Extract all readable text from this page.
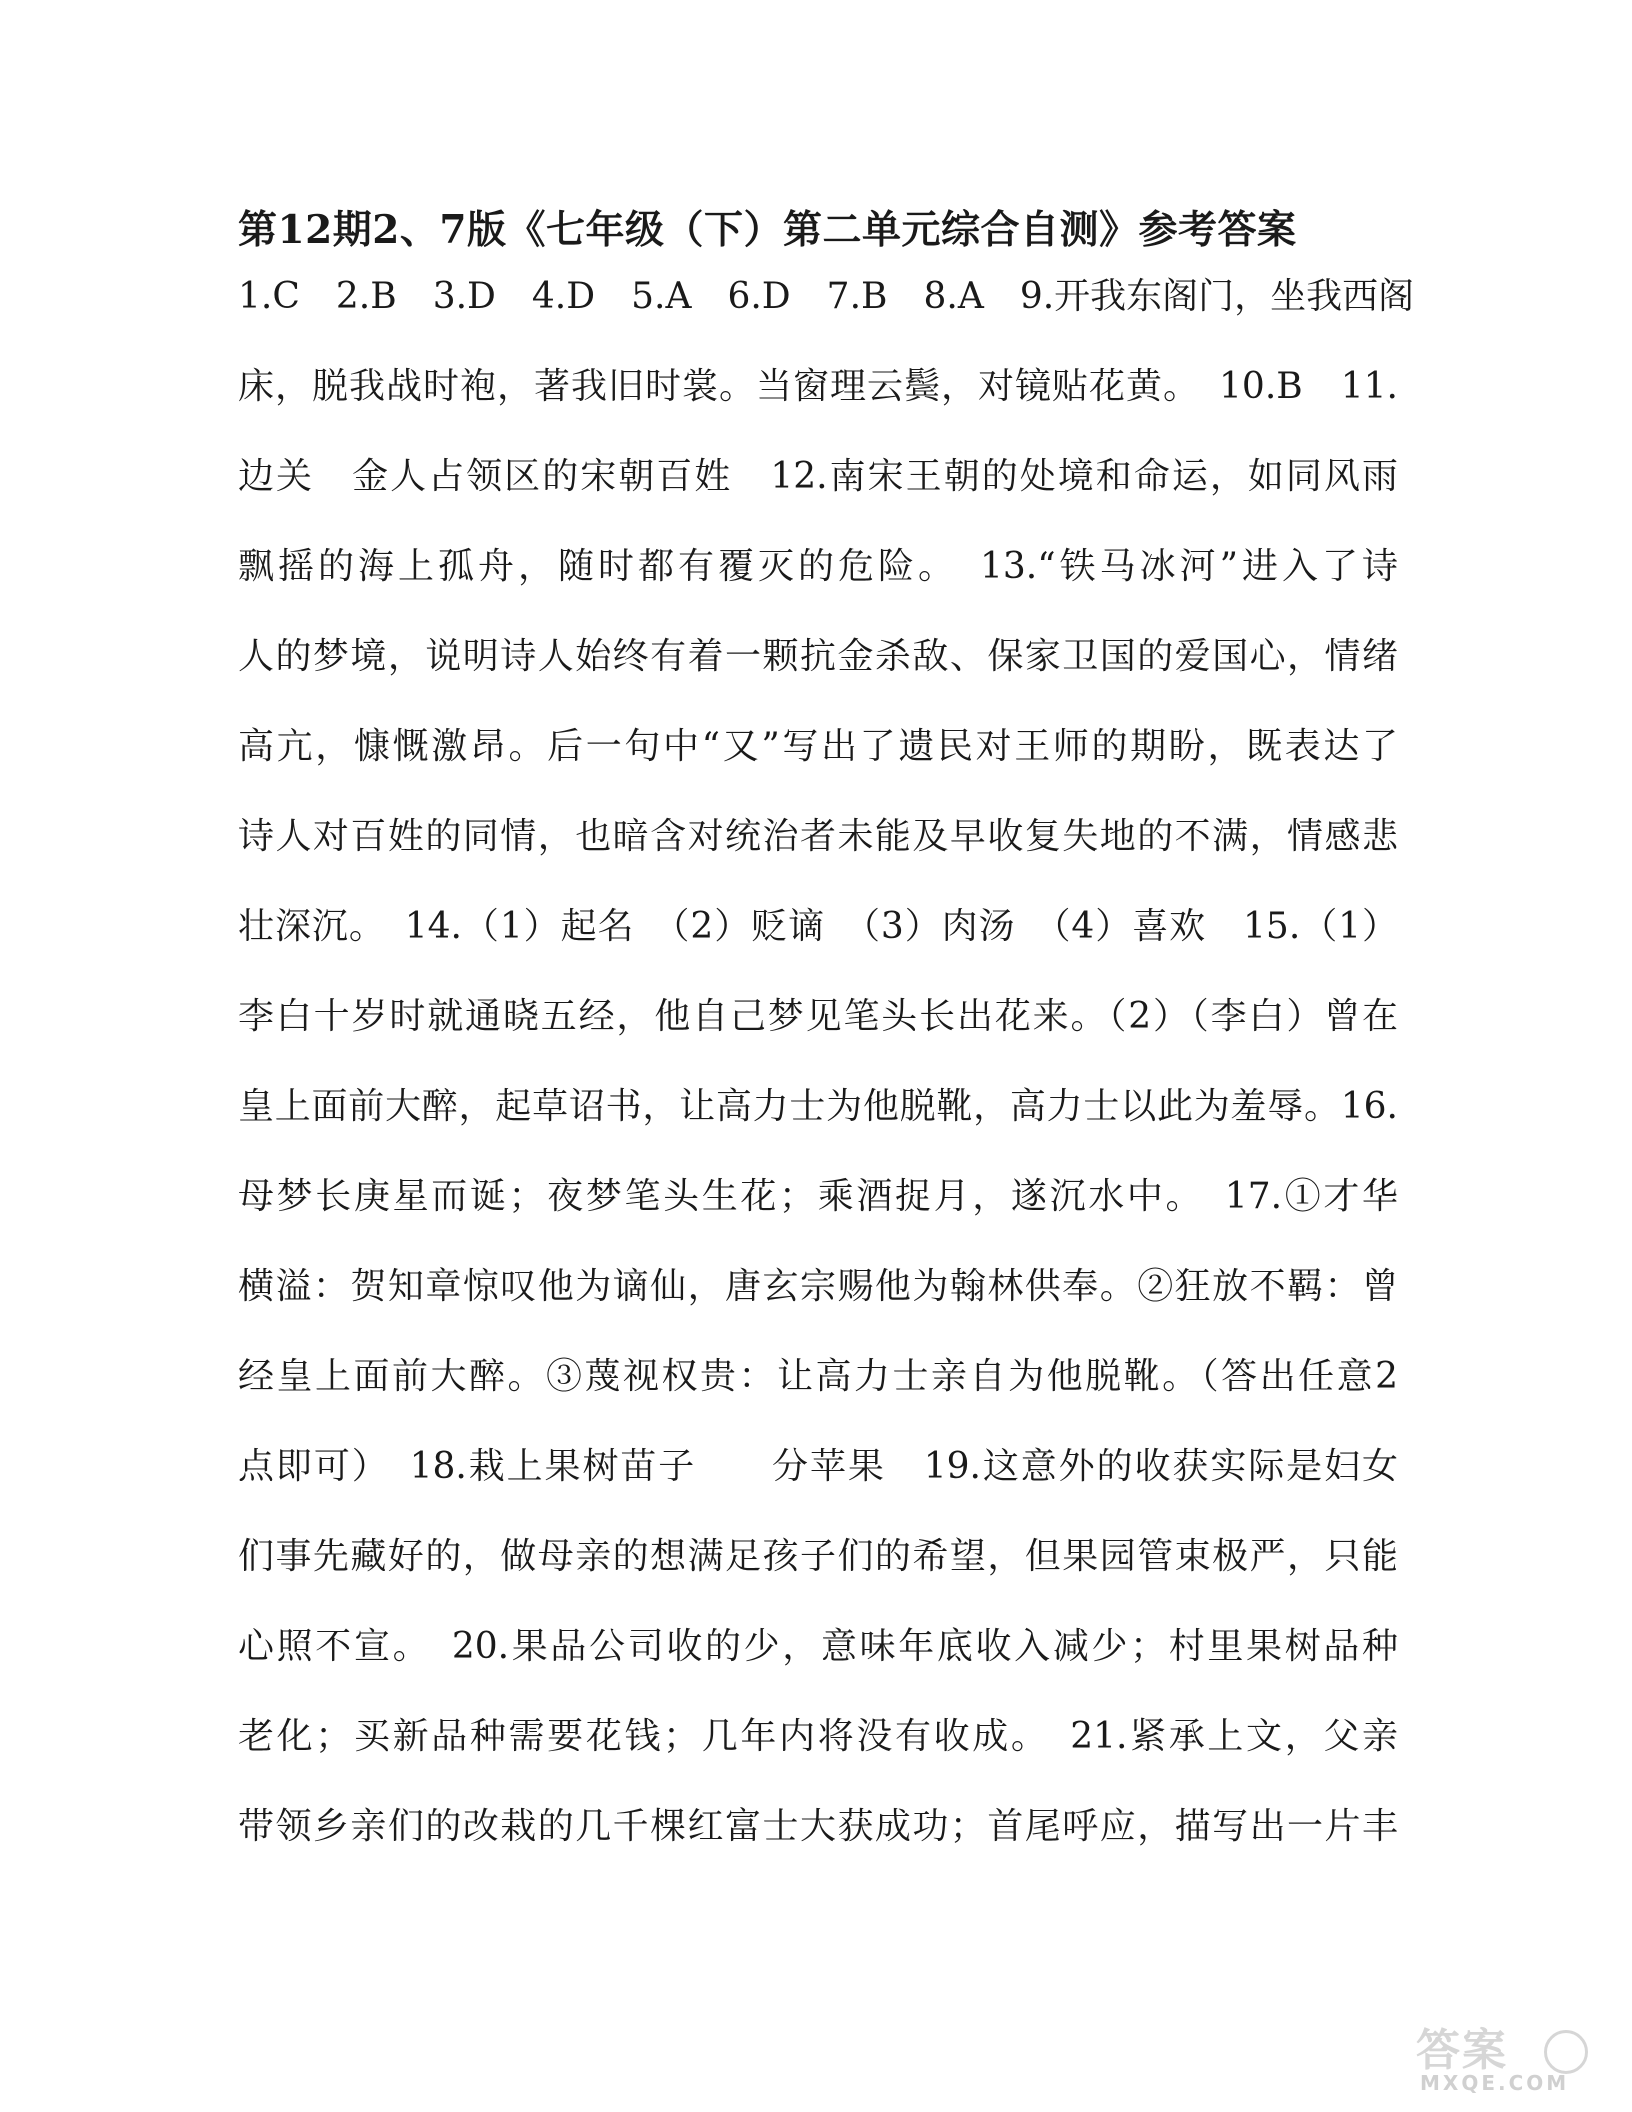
第12期2、7版《七年级（下）第二单元综合自测》参考答案
1.C　2.B　3.D　4.D　5.A　6.D　7.B　8.A　9.开我东阁门，坐我西阁
床，脱我战时袍，著我旧时裳。当窗理云鬓，对镜贴花黄。　10.B　11.
边关　金人占领区的宋朝百姓　12.南宋王朝的处境和命运，如同风雨
飘摇的海上孤舟，随时都有覆灭的危险。　13.“铁马冰河”进入了诗
人的梦境，说明诗人始终有着一颗抗金杀敌、保家卫国的爱国心，情绪
高亢，慷慨激昂。后一句中“又”写出了遗民对王师的期盼，既表达了
诗人对百姓的同情，也暗含对统治者未能及早收复失地的不满，情感悲
壮深沉。　14.（1）起名　（2）贬谪　（3）肉汤　（4）喜欢　15.（1）
李白十岁时就通晓五经，他自己梦见笔头长出花来。（2）（李白）曾在
皇上面前大醉，起草诏书，让高力士为他脱靴，高力士以此为羞辱。16.
母梦长庚星而诞；夜梦笔头生花；乘酒捉月，遂沉水中。　17.①才华
横溢：贺知章惊叹他为谪仙，唐玄宗赐他为翰林供奉。②狂放不羁：曾
经皇上面前大醉。③蔑视权贵：让高力士亲自为他脱靴。（答出任意2
点即可）　18.栽上果树苗子　　分苹果　19.这意外的收获实际是妇女
们事先藏好的，做母亲的想满足孩子们的希望，但果园管束极严，只能
心照不宣。　20.果品公司收的少，意味年底收入减少；村里果树品种
老化；买新品种需要花钱；几年内将没有收成。　21.紧承上文，父亲
带领乡亲们的改栽的几千棵红富士大获成功；首尾呼应，描写出一片丰
答案
MXQE.COM
